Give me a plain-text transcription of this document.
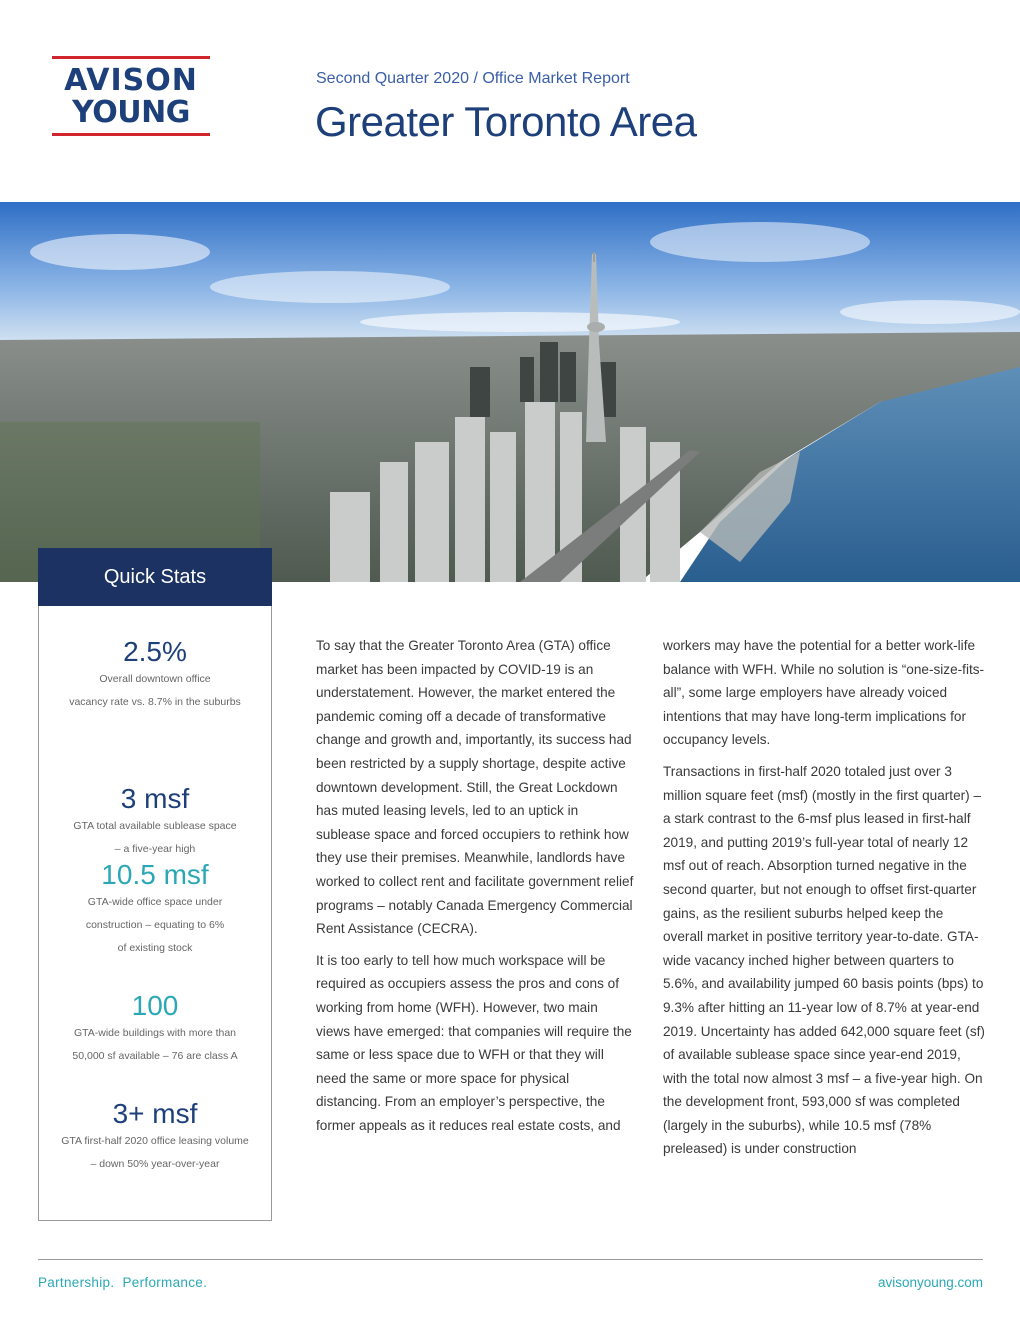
AVISON
YOUNG
Second Quarter 2020 / Office Market Report
Greater Toronto Area
Quick Stats
2.5%
Overall downtown office
vacancy rate vs. 8.7% in the suburbs
3 msf
GTA total available sublease space
– a five-year high
10.5 msf
GTA-wide office space under
construction – equating to 6%
of existing stock
100
GTA-wide buildings with more than
50,000 sf available – 76 are class A
3+ msf
GTA first-half 2020 office leasing volume
– down 50% year-over-year

To say that the Greater Toronto Area (GTA) office market has been impacted by COVID-19 is an understatement. However, the market entered the pandemic coming off a decade of transformative change and growth and, importantly, its success had been restricted by a supply shortage, despite active downtown development. Still, the Great Lockdown has muted leasing levels, led to an uptick in sublease space and forced occupiers to rethink how they use their premises. Meanwhile, landlords have worked to collect rent and facilitate government relief programs – notably Canada Emergency Commercial Rent Assistance (CECRA).

It is too early to tell how much workspace will be required as occupiers assess the pros and cons of working from home (WFH). However, two main views have emerged: that companies will require the same or less space due to WFH or that they will need the same or more space for physical distancing. From an employer’s perspective, the former appeals as it reduces real estate costs, and

workers may have the potential for a better work-life balance with WFH. While no solution is “one-size-fits-all”, some large employers have already voiced intentions that may have long-term implications for occupancy levels.

Transactions in first-half 2020 totaled just over 3 million square feet (msf) (mostly in the first quarter) – a stark contrast to the 6-msf plus leased in first-half 2019, and putting 2019’s full-year total of nearly 12 msf out of reach. Absorption turned negative in the second quarter, but not enough to offset first-quarter gains, as the resilient suburbs helped keep the overall market in positive territory year-to-date. GTA-wide vacancy inched higher between quarters to 5.6%, and availability jumped 60 basis points (bps) to 9.3% after hitting an 11-year low of 8.7% at year-end 2019. Uncertainty has added 642,000 square feet (sf) of available sublease space since year-end 2019, with the total now almost 3 msf – a five-year high. On the development front, 593,000 sf was completed (largely in the suburbs), while 10.5 msf (78% preleased) is under construction

Partnership.  Performance.	avisonyoung.com
